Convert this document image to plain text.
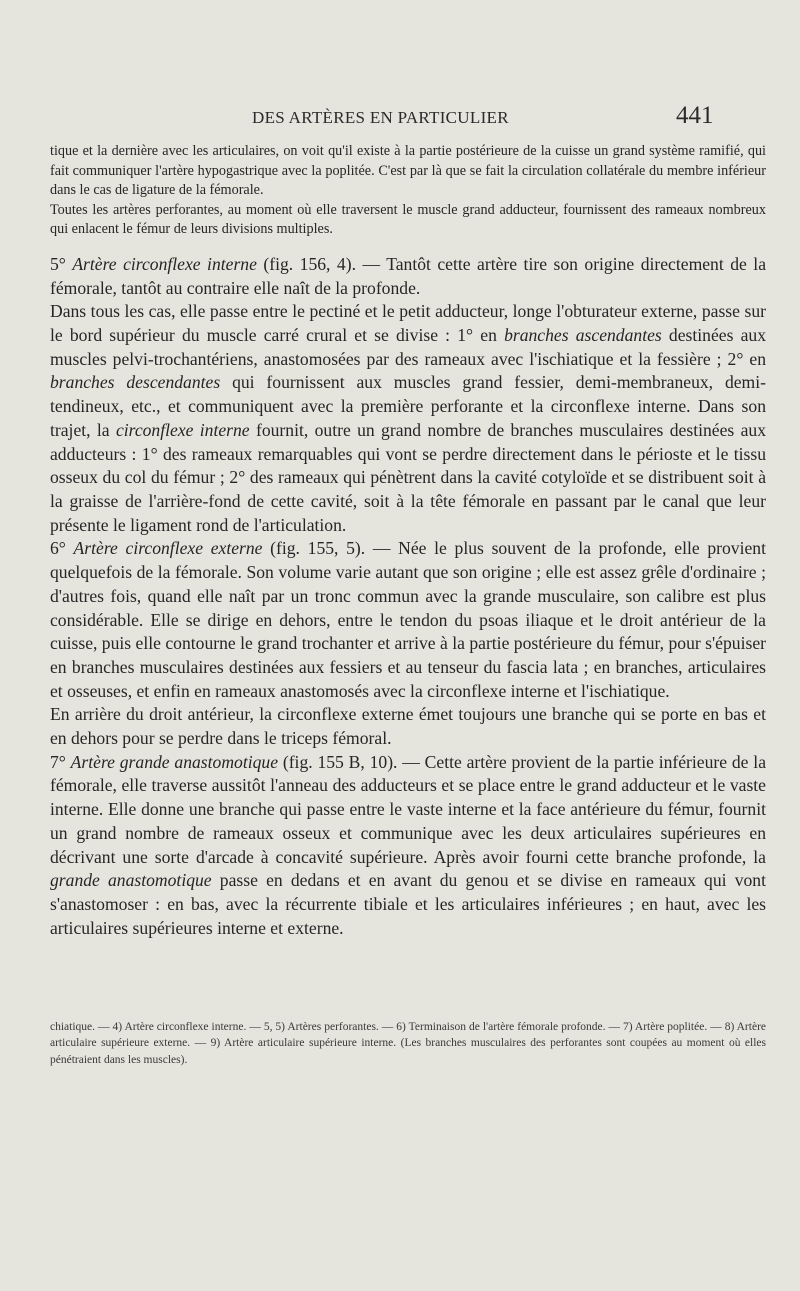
DES ARTÈRES EN PARTICULIER	441

tique et la dernière avec les articulaires, on voit qu'il existe à la partie postérieure de la cuisse un grand système ramifié, qui fait communiquer l'artère hypogastrique avec la poplitée. C'est par là que se fait la circulation collatérale du membre inférieur dans le cas de ligature de la fémorale.

Toutes les artères perforantes, au moment où elle traversent le muscle grand adducteur, fournissent des rameaux nombreux qui enlacent le fémur de leurs divisions multiples.

5° Artère circonflexe interne (fig. 156, 4). — Tantôt cette artère tire son origine directement de la fémorale, tantôt au contraire elle naît de la profonde.

Dans tous les cas, elle passe entre le pectiné et le petit adducteur, longe l'obturateur externe, passe sur le bord supérieur du muscle carré crural et se divise : 1° en branches ascendantes destinées aux muscles pelvi-trochantériens, anastomosées par des rameaux avec l'ischiatique et la fessière ; 2° en branches descendantes qui fournissent aux muscles grand fessier, demi-membraneux, demi-tendineux, etc., et communiquent avec la première perforante et la circonflexe interne. Dans son trajet, la circonflexe interne fournit, outre un grand nombre de branches musculaires destinées aux adducteurs : 1° des rameaux remarquables qui vont se perdre directement dans le périoste et le tissu osseux du col du fémur ; 2° des rameaux qui pénètrent dans la cavité cotyloïde et se distribuent soit à la graisse de l'arrière-fond de cette cavité, soit à la tête fémorale en passant par le canal que leur présente le ligament rond de l'articulation.

6° Artère circonflexe externe (fig. 155, 5). — Née le plus souvent de la profonde, elle provient quelquefois de la fémorale. Son volume varie autant que son origine ; elle est assez grêle d'ordinaire ; d'autres fois, quand elle naît par un tronc commun avec la grande musculaire, son calibre est plus considérable. Elle se dirige en dehors, entre le tendon du psoas iliaque et le droit antérieur de la cuisse, puis elle contourne le grand trochanter et arrive à la partie postérieure du fémur, pour s'épuiser en branches musculaires destinées aux fessiers et au tenseur du fascia lata ; en branches, articulaires et osseuses, et enfin en rameaux anastomosés avec la circonflexe interne et l'ischiatique.

En arrière du droit antérieur, la circonflexe externe émet toujours une branche qui se porte en bas et en dehors pour se perdre dans le triceps fémoral.

7° Artère grande anastomotique (fig. 155 B, 10). — Cette artère provient de la partie inférieure de la fémorale, elle traverse aussitôt l'anneau des adducteurs et se place entre le grand adducteur et le vaste interne. Elle donne une branche qui passe entre le vaste interne et la face antérieure du fémur, fournit un grand nombre de rameaux osseux et communique avec les deux articulaires supérieures en décrivant une sorte d'arcade à concavité supérieure. Après avoir fourni cette branche profonde, la grande anastomotique passe en dedans et en avant du genou et se divise en rameaux qui vont s'anastomoser : en bas, avec la récurrente tibiale et les articulaires inférieures ; en haut, avec les articulaires supérieures interne et externe.

chiatique. — 4) Artère circonflexe interne. — 5, 5) Artères perforantes. — 6) Terminaison de l'artère fémorale profonde. — 7) Artère poplitée. — 8) Artère articulaire supérieure externe. — 9) Artère articulaire supérieure interne. (Les branches musculaires des perforantes sont coupées au moment où elles pénétraient dans les muscles).
